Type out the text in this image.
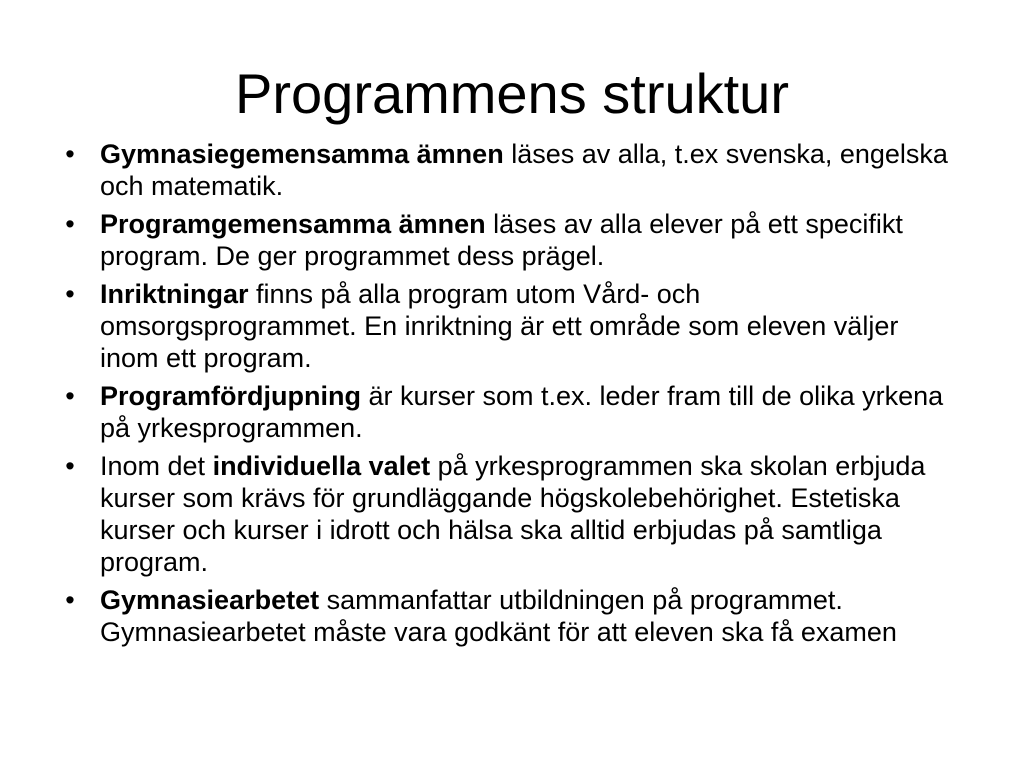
Programmens struktur
• Gymnasiegemensamma ämnen läses av alla, t.ex svenska, engelska och matematik.
• Programgemensamma ämnen läses av alla elever på ett specifikt program. De ger programmet dess prägel.
• Inriktningar finns på alla program utom Vård- och omsorgsprogrammet. En inriktning är ett område som eleven väljer inom ett program.
• Programfördjupning är kurser som t.ex. leder fram till de olika yrkena på yrkesprogrammen.
• Inom det individuella valet på yrkesprogrammen ska skolan erbjuda kurser som krävs för grundläggande högskolebehörighet. Estetiska kurser och kurser i idrott och hälsa ska alltid erbjudas på samtliga program.
• Gymnasiearbetet sammanfattar utbildningen på programmet. Gymnasiearbetet måste vara godkänt för att eleven ska få examen
